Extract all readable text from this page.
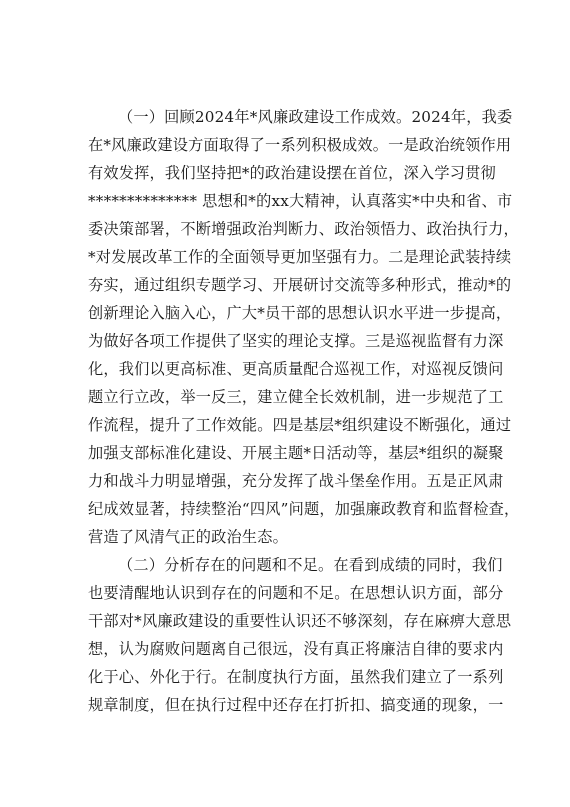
（一）回顾2024年*风廉政建设工作成效。2024年，我委
在*风廉政建设方面取得了一系列积极成效。一是政治统领作用
有效发挥，我们坚持把*的政治建设摆在首位，深入学习贯彻
************** 思想和*的xx大精神，认真落实*中央和省、市
委决策部署，不断增强政治判断力、政治领悟力、政治执行力，
*对发展改革工作的全面领导更加坚强有力。二是理论武装持续
夯实，通过组织专题学习、开展研讨交流等多种形式，推动*的
创新理论入脑入心，广大*员干部的思想认识水平进一步提高，
为做好各项工作提供了坚实的理论支撑。三是巡视监督有力深
化，我们以更高标准、更高质量配合巡视工作，对巡视反馈问
题立行立改，举一反三，建立健全长效机制，进一步规范了工
作流程，提升了工作效能。四是基层*组织建设不断强化，通过
加强支部标准化建设、开展主题*日活动等，基层*组织的凝聚
力和战斗力明显增强，充分发挥了战斗堡垒作用。五是正风肃
纪成效显著，持续整治“四风”问题，加强廉政教育和监督检查，
营造了风清气正的政治生态。
（二）分析存在的问题和不足。在看到成绩的同时，我们
也要清醒地认识到存在的问题和不足。在思想认识方面，部分
干部对*风廉政建设的重要性认识还不够深刻，存在麻痹大意思
想，认为腐败问题离自己很远，没有真正将廉洁自律的要求内
化于心、外化于行。在制度执行方面，虽然我们建立了一系列
规章制度，但在执行过程中还存在打折扣、搞变通的现象，一
